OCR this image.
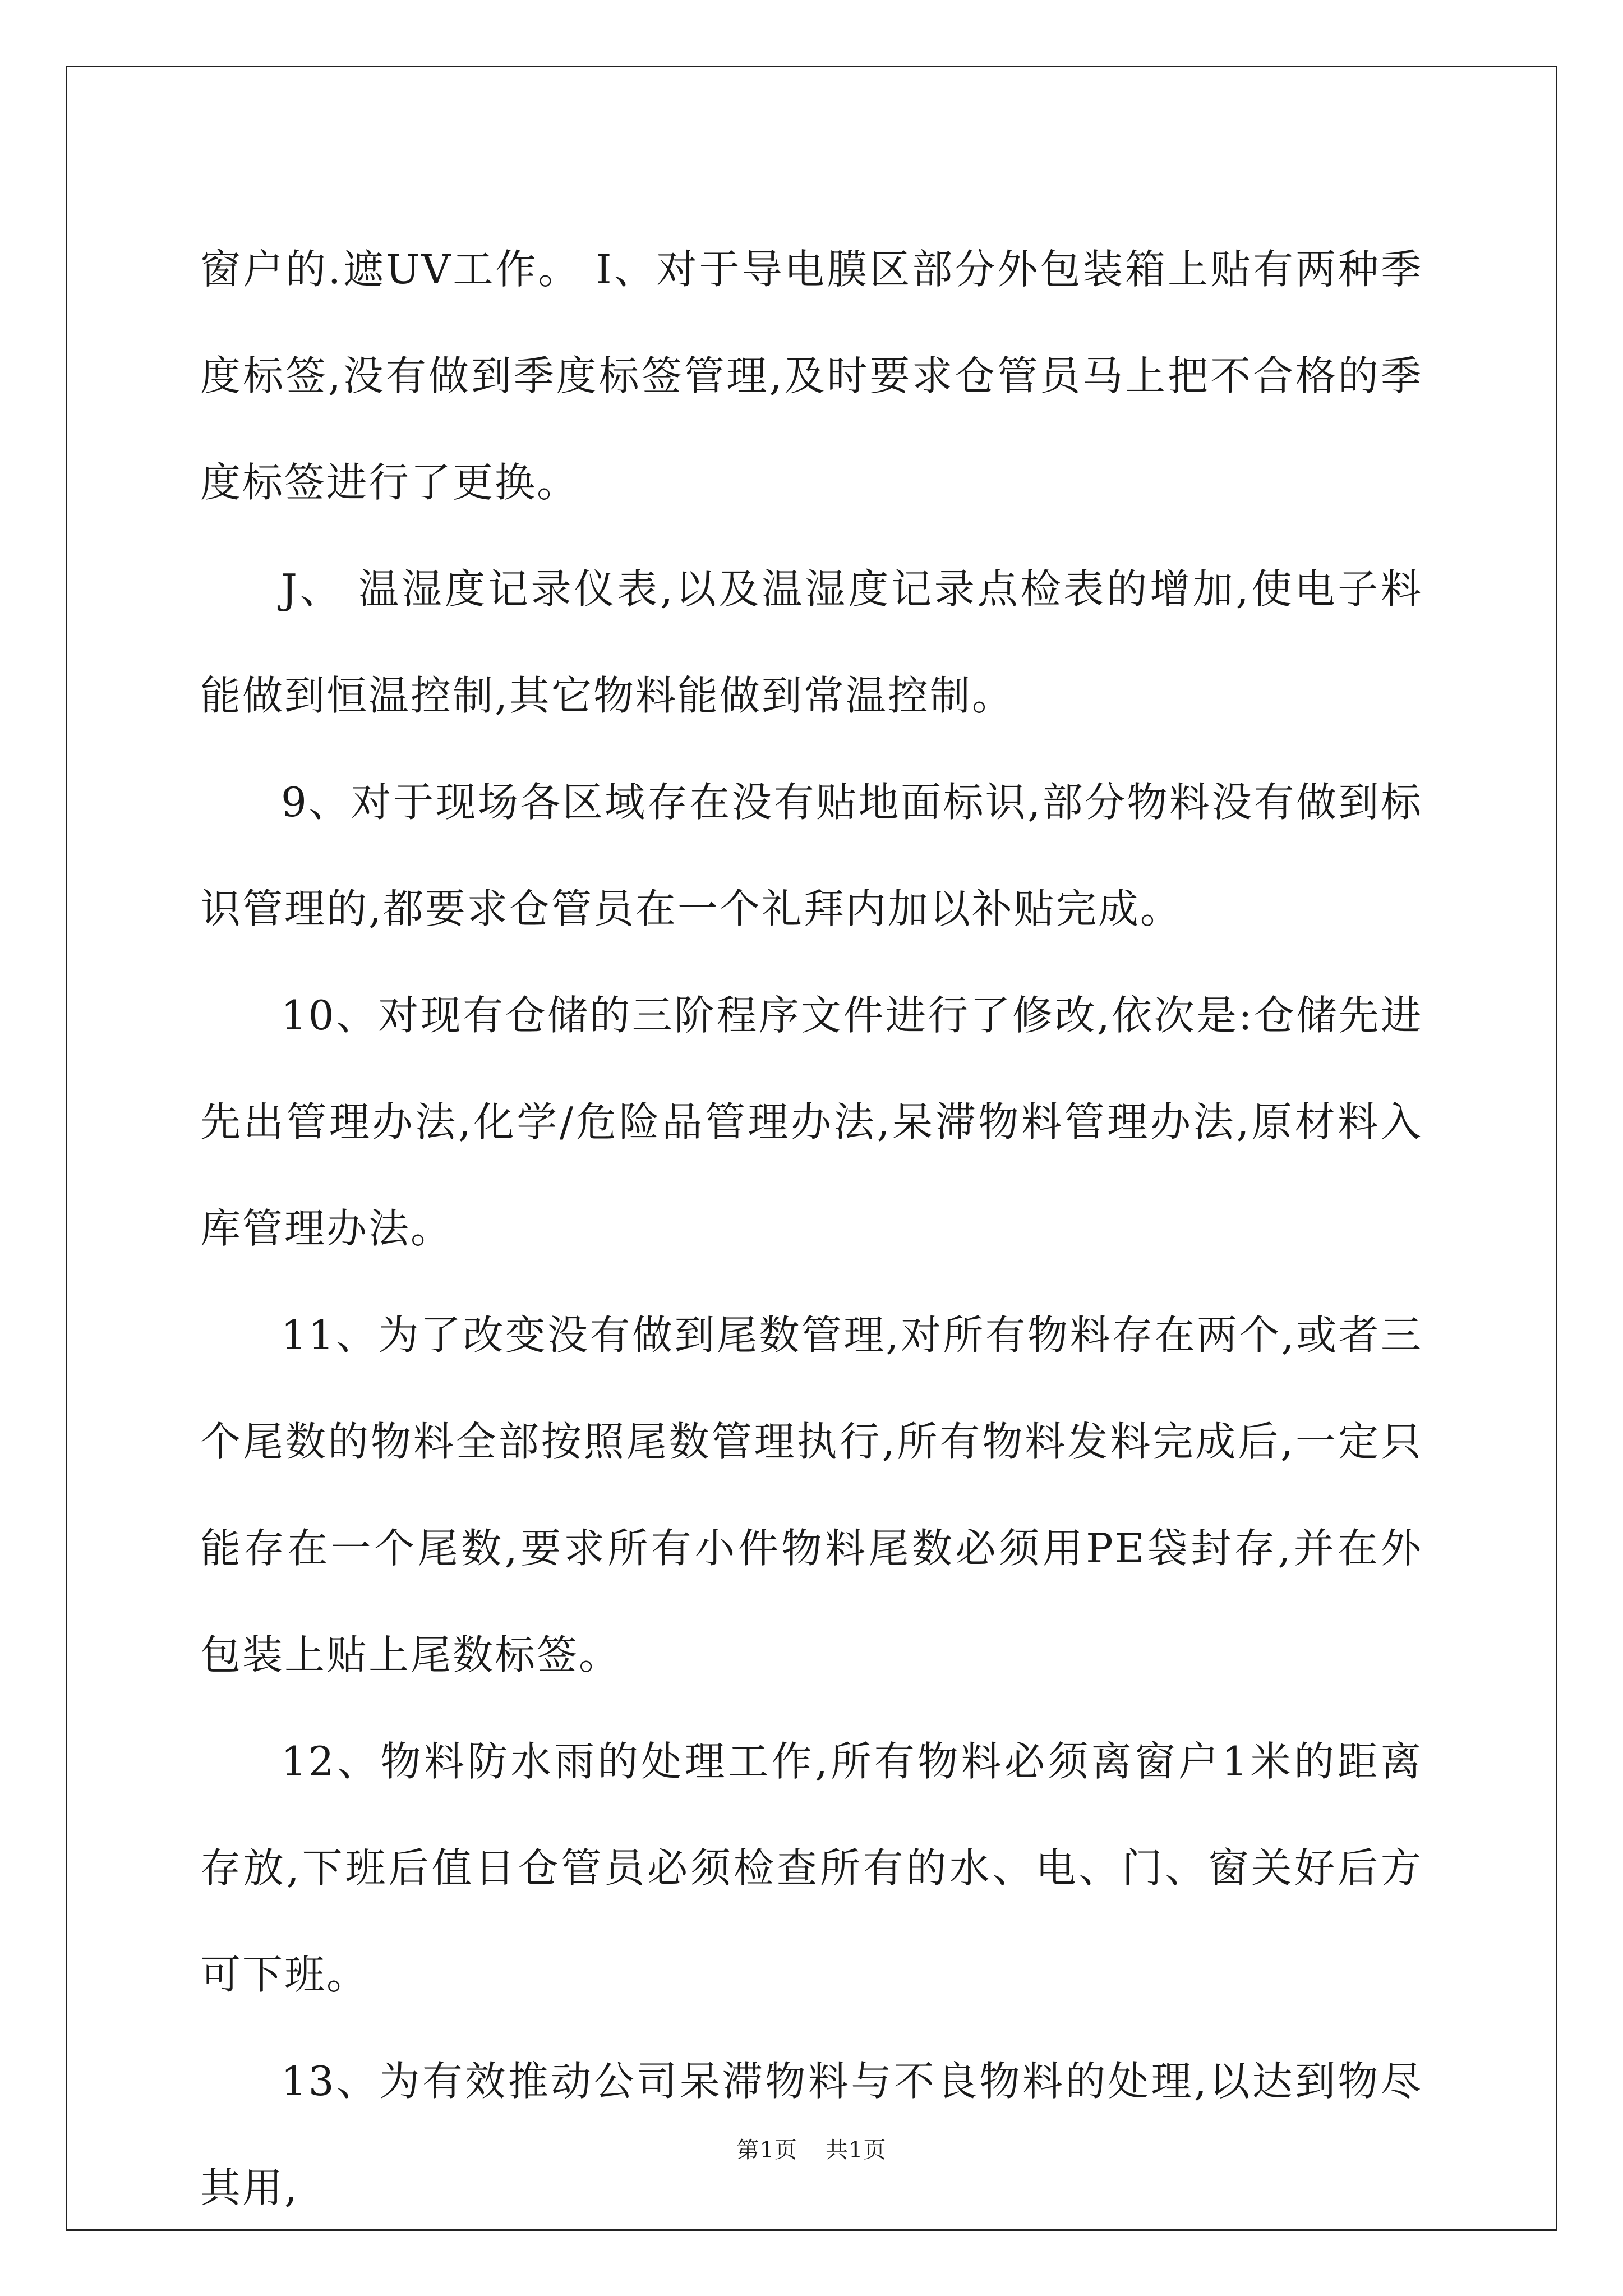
窗户的.遮UV工作。 I、对于导电膜区部分外包装箱上贴有两种季度标签,没有做到季度标签管理,及时要求仓管员马上把不合格的季度标签进行了更换。

J、 温湿度记录仪表,以及温湿度记录点检表的增加,使电子料能做到恒温控制,其它物料能做到常温控制。

9、对于现场各区域存在没有贴地面标识,部分物料没有做到标识管理的,都要求仓管员在一个礼拜内加以补贴完成。

10、对现有仓储的三阶程序文件进行了修改,依次是:仓储先进先出管理办法,化学/危险品管理办法,呆滞物料管理办法,原材料入库管理办法。

11、为了改变没有做到尾数管理,对所有物料存在两个,或者三个尾数的物料全部按照尾数管理执行,所有物料发料完成后,一定只能存在一个尾数,要求所有小件物料尾数必须用PE袋封存,并在外包装上贴上尾数标签。

12、物料防水雨的处理工作,所有物料必须离窗户1米的距离存放,下班后值日仓管员必须检查所有的水、电、门、窗关好后方可下班。

13、为有效推动公司呆滞物料与不良物料的处理,以达到物尽其用,

第1页 共1页
